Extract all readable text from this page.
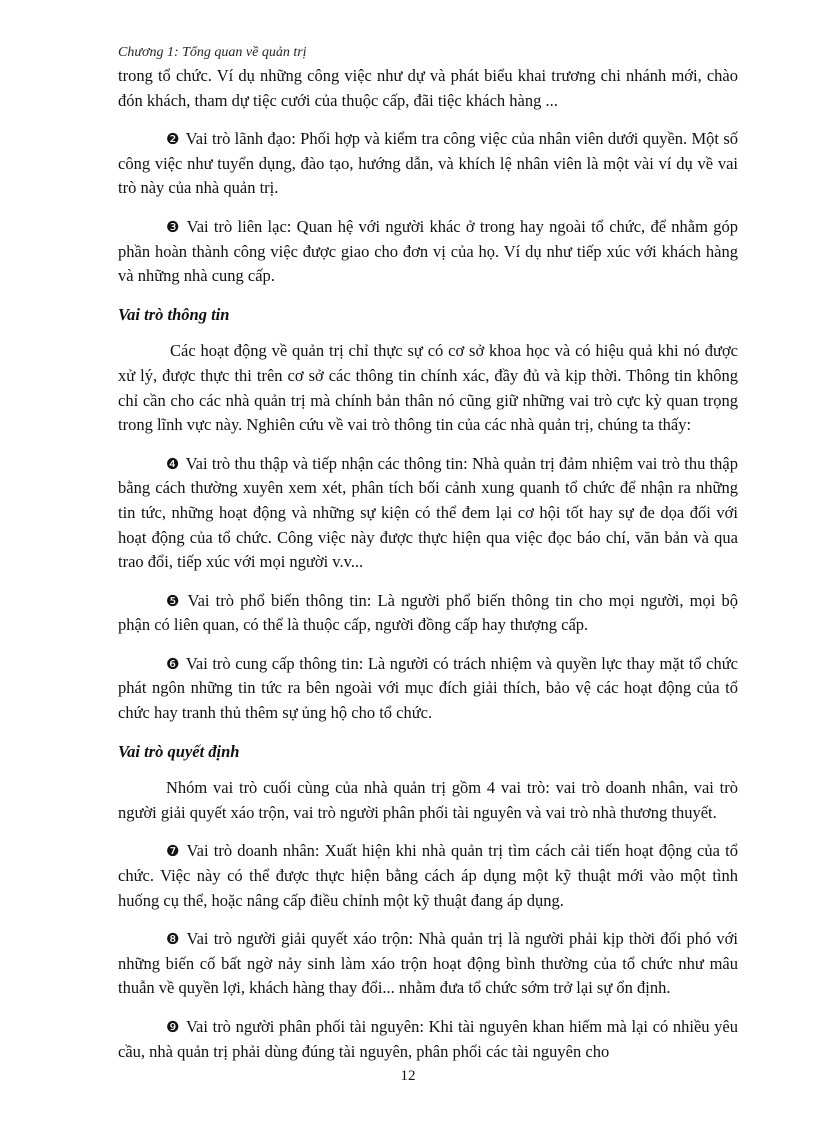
Chương 1: Tổng quan về quản trị

trong tổ chức. Ví dụ những công việc như dự và phát biểu khai trương chi nhánh mới, chào đón khách, tham dự tiệc cưới của thuộc cấp, đãi tiệc khách hàng ...

❷ Vai trò lãnh đạo: Phối hợp và kiểm tra công việc của nhân viên dưới quyền. Một số công việc như tuyển dụng, đào tạo, hướng dẫn, và khích lệ nhân viên là một vài ví dụ về vai trò này của nhà quản trị.

❸ Vai trò liên lạc: Quan hệ với người khác ở trong hay ngoài tổ chức, để nhằm góp phần hoàn thành công việc được giao cho đơn vị của họ. Ví dụ như tiếp xúc với khách hàng và những nhà cung cấp.

Vai trò thông tin

Các hoạt động về quản trị chỉ thực sự có cơ sở khoa học và có hiệu quả khi nó được xử lý, được thực thi trên cơ sở các thông tin chính xác, đầy đủ và kịp thời. Thông tin không chỉ cần cho các nhà quản trị mà chính bản thân nó cũng giữ những vai trò cực kỳ quan trọng trong lĩnh vực này. Nghiên cứu về vai trò thông tin của các nhà quản trị, chúng ta thấy:

❹ Vai trò thu thập và tiếp nhận các thông tin: Nhà quản trị đảm nhiệm vai trò thu thập bằng cách thường xuyên xem xét, phân tích bối cảnh xung quanh tổ chức để nhận ra những tin tức, những hoạt động và những sự kiện có thể đem lại cơ hội tốt hay sự đe dọa đối với hoạt động của tổ chức. Công việc này được thực hiện qua việc đọc báo chí, văn bản và qua trao đổi, tiếp xúc với mọi người v.v...

❺ Vai trò phổ biến thông tin: Là người phổ biến thông tin cho mọi người, mọi bộ phận có liên quan, có thể là thuộc cấp, người đồng cấp hay thượng cấp.

❻ Vai trò cung cấp thông tin: Là người có trách nhiệm và quyền lực thay mặt tổ chức phát ngôn những tin tức ra bên ngoài với mục đích giải thích, bảo vệ các hoạt động của tổ chức hay tranh thủ thêm sự ủng hộ cho tổ chức.

Vai trò quyết định

Nhóm vai trò cuối cùng của nhà quản trị gồm 4 vai trò: vai trò doanh nhân, vai trò người giải quyết xáo trộn, vai trò người phân phối tài nguyên và vai trò nhà thương thuyết.

❼ Vai trò doanh nhân: Xuất hiện khi nhà quản trị tìm cách cải tiến hoạt động của tổ chức. Việc này có thể được thực hiện bằng cách áp dụng một kỹ thuật mới vào một tình huống cụ thể, hoặc nâng cấp điều chỉnh một kỹ thuật đang áp dụng.

❽ Vai trò người giải quyết xáo trộn: Nhà quản trị là người phải kịp thời đối phó với những biến cố bất ngờ nảy sinh làm xáo trộn hoạt động bình thường của tổ chức như mâu thuẫn về quyền lợi, khách hàng thay đổi... nhằm đưa tổ chức sớm trở lại sự ổn định.

❾ Vai trò người phân phối tài nguyên: Khi tài nguyên khan hiếm mà lại có nhiều yêu cầu, nhà quản trị phải dùng đúng tài nguyên, phân phối các tài nguyên cho

12
